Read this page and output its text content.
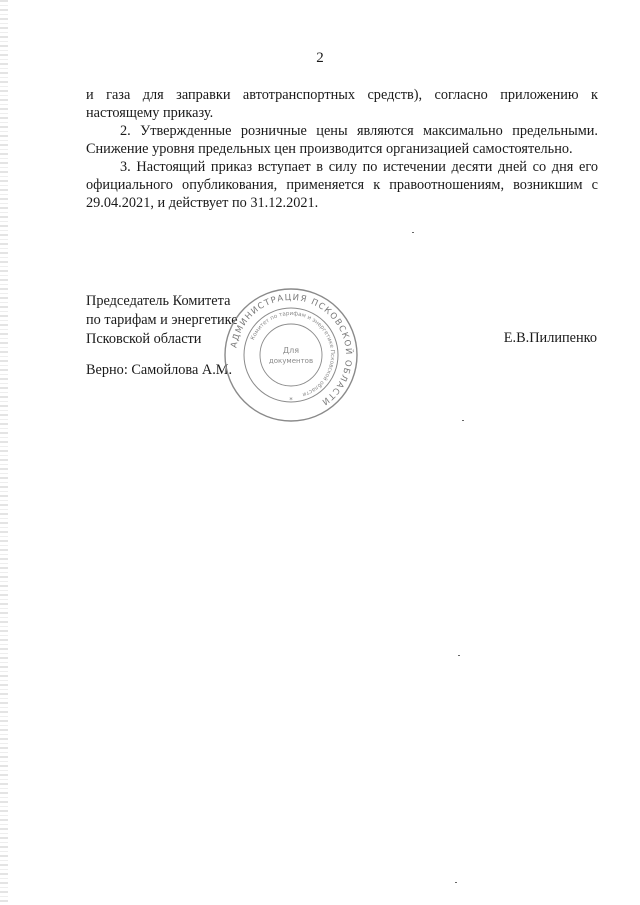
2

и газа для заправки автотранспортных средств), согласно приложению к настоящему приказу.

2. Утвержденные розничные цены являются максимально предельными. Снижение уровня предельных цен производится организацией самостоятельно.

3. Настоящий приказ вступает в силу по истечении десяти дней со дня его официального опубликования, применяется к правоотношениям, возникшим с 29.04.2021, и действует по 31.12.2021.

Председатель Комитета
по тарифам и энергетике
Псковской области	Е.В.Пилипенко
Верно: Самойлова А.М.
АДМИНИСТРАЦИЯ ПСКОВСКОЙ ОБЛАСТИ
Комитет по тарифам и энергетике Псковской области
Для
документов
*
